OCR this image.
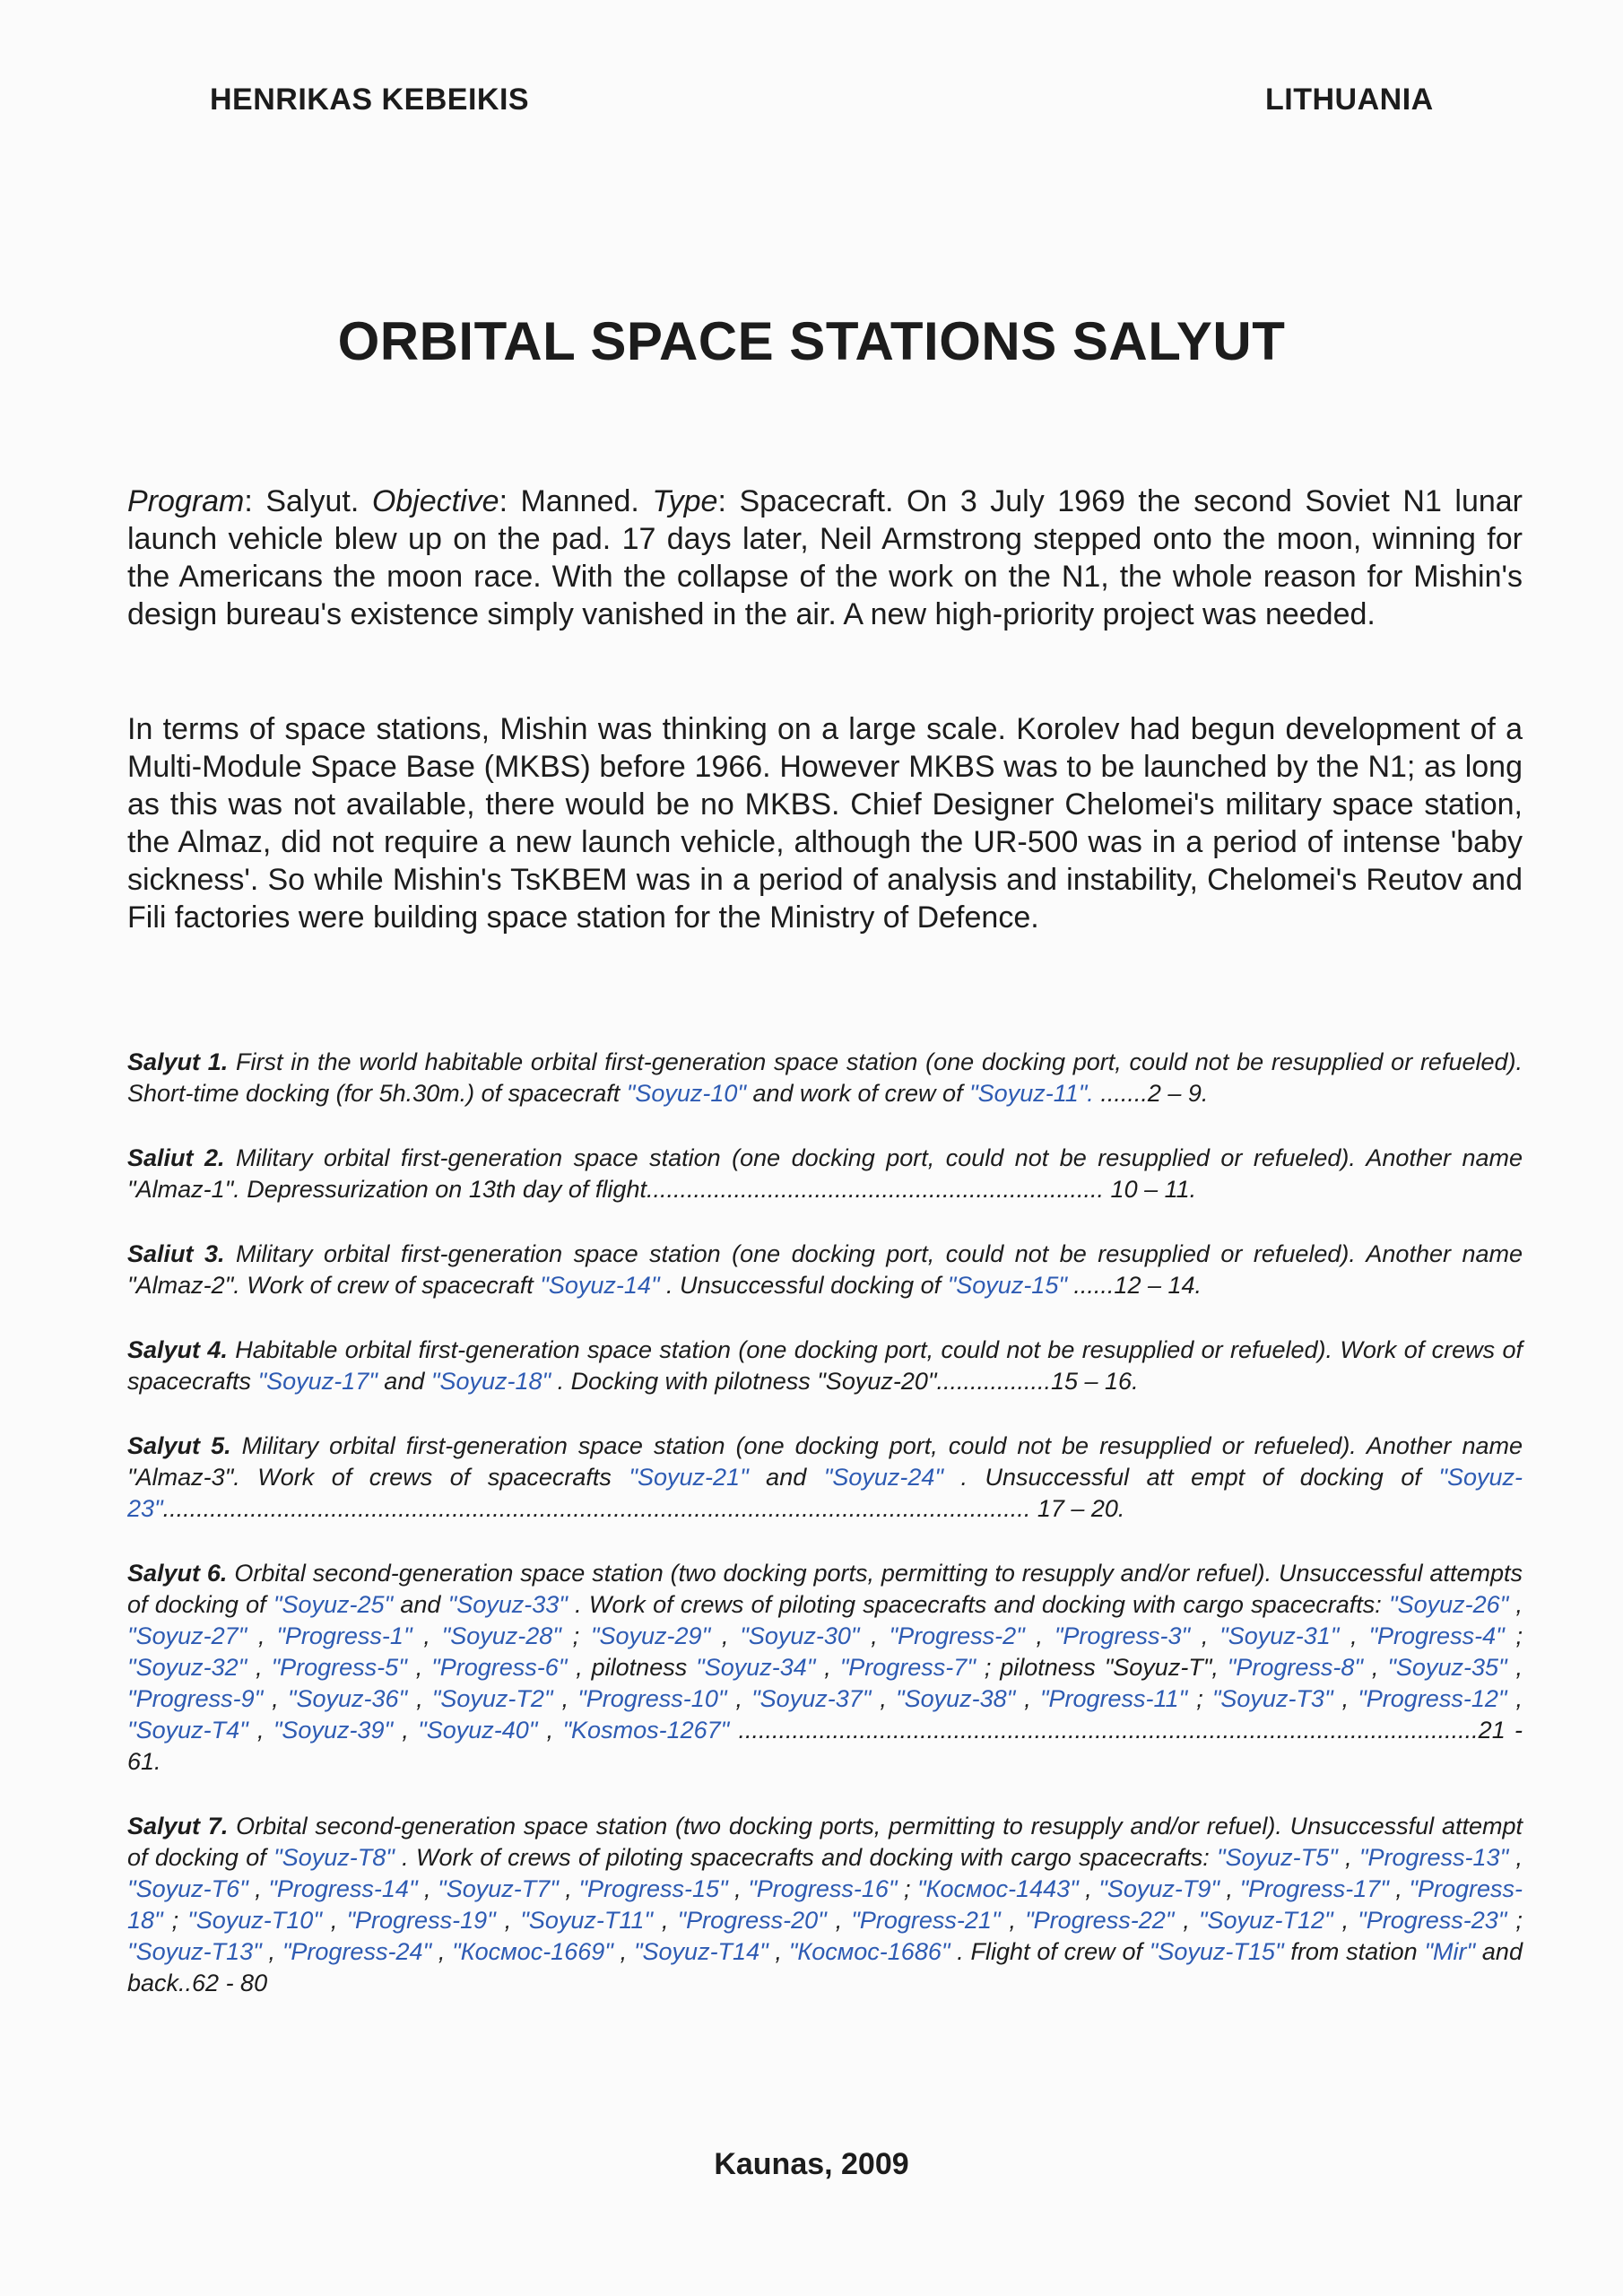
HENRIKAS KEBEIKIS	LITHUANIA
ORBITAL SPACE STATIONS SALYUT

Program: Salyut. Objective: Manned. Type: Spacecraft. On 3 July 1969 the second Soviet N1 lunar launch vehicle blew up on the pad. 17 days later, Neil Armstrong stepped onto the moon, winning for the Americans the moon race. With the collapse of the work on the N1, the whole reason for Mishin's design bureau's existence simply vanished in the air. A new high-priority project was needed.

In terms of space stations, Mishin was thinking on a large scale. Korolev had begun development of a Multi-Module Space Base (MKBS) before 1966. However MKBS was to be launched by the N1; as long as this was not available, there would be no MKBS. Chief Designer Chelomei's military space station, the Almaz, did not require a new launch vehicle, although the UR-500 was in a period of intense 'baby sickness'. So while Mishin's TsKBEM was in a period of analysis and instability, Chelomei's Reutov and Fili factories were building space station for the Ministry of Defence.

Salyut 1. First in the world habitable orbital first-generation space station (one docking port, could not be resupplied or refueled). Short-time docking (for 5h.30m.) of spacecraft "Soyuz-10" and work of crew of "Soyuz-11". .......2 – 9.

Saliut 2. Military orbital first-generation space station (one docking port, could not be resupplied or refueled). Another name "Almaz-1". Depressurization on 13th day of flight.................................................................... 10 – 11.

Saliut 3. Military orbital first-generation space station (one docking port, could not be resupplied or refueled). Another name "Almaz-2". Work of crew of spacecraft "Soyuz-14" . Unsuccessful docking of "Soyuz-15" ......12 – 14.

Salyut 4. Habitable orbital first-generation space station (one docking port, could not be resupplied or refueled). Work of crews of spacecrafts "Soyuz-17" and "Soyuz-18" . Docking with pilotness "Soyuz-20".................15 – 16.

Salyut 5. Military orbital first-generation space station (one docking port, could not be resupplied or refueled). Another name "Almaz-3". Work of crews of spacecrafts "Soyuz-21" and "Soyuz-24" . Unsuccessful att empt of docking of "Soyuz-23"................................................................................................................................. 17 – 20.

Salyut 6. Orbital second-generation space station (two docking ports, permitting to resupply and/or refuel). Unsuccessful attempts of docking of "Soyuz-25" and "Soyuz-33" . Work of crews of piloting spacecrafts and docking with cargo spacecrafts: "Soyuz-26" , "Soyuz-27" , "Progress-1" , "Soyuz-28" ; "Soyuz-29" , "Soyuz-30" , "Progress-2" , "Progress-3" , "Soyuz-31" , "Progress-4" ; "Soyuz-32" , "Progress-5" , "Progress-6" , pilotness "Soyuz-34" , "Progress-7" ; pilotness "Soyuz-T", "Progress-8" , "Soyuz-35" , "Progress-9" , "Soyuz-36" , "Soyuz-T2" , "Progress-10" , "Soyuz-37" , "Soyuz-38" , "Progress-11" ; "Soyuz-T3" , "Progress-12" , "Soyuz-T4" , "Soyuz-39" , "Soyuz-40" , "Kosmos-1267" ..............................................................................................................21 - 61.

Salyut 7. Orbital second-generation space station (two docking ports, permitting to resupply and/or refuel). Unsuccessful attempt of docking of "Soyuz-T8" . Work of crews of piloting spacecrafts and docking with cargo spacecrafts: "Soyuz-T5" , "Progress-13" , "Soyuz-T6" , "Progress-14" , "Soyuz-T7" , "Progress-15" , "Progress-16" ; "Космос-1443" , "Soyuz-T9" , "Progress-17" , "Progress-18" ; "Soyuz-T10" , "Progress-19" , "Soyuz-T11" , "Progress-20" , "Progress-21" , "Progress-22" , "Soyuz-T12" , "Progress-23" ; "Soyuz-T13" , "Progress-24" , "Космос-1669" , "Soyuz-T14" , "Космос-1686" . Flight of crew of "Soyuz-T15" from station "Mir" and back..62 - 80

Kaunas, 2009
